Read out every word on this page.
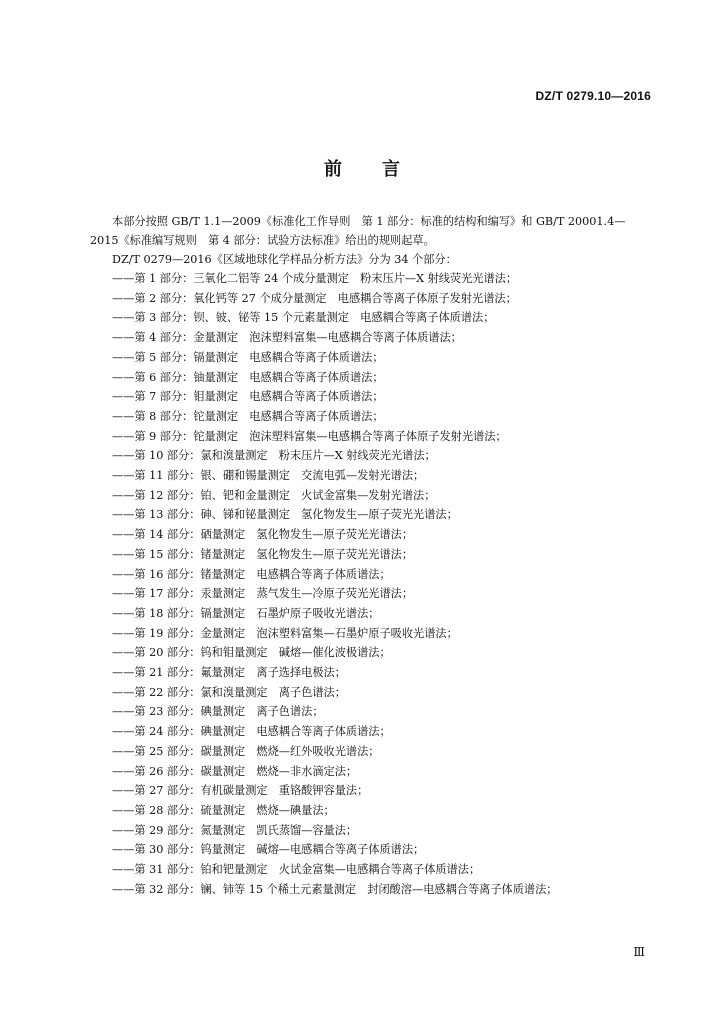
DZ/T 0279.10—2016
前言

本部分按照 GB/T 1.1—2009《标准化工作导则　第 1 部分：标准的结构和编写》和 GB/T 20001.4—

2015《标准编写规则　第 4 部分：试验方法标准》给出的规则起草。

DZ/T 0279—2016《区域地球化学样品分析方法》分为 34 个部分：

——第 1 部分：三氧化二铝等 24 个成分量测定　粉末压片—X 射线荧光光谱法；
——第 2 部分：氧化钙等 27 个成分量测定　电感耦合等离子体原子发射光谱法；
——第 3 部分：钡、铍、铋等 15 个元素量测定　电感耦合等离子体质谱法；
——第 4 部分：金量测定　泡沫塑料富集—电感耦合等离子体质谱法；
——第 5 部分：镉量测定　电感耦合等离子体质谱法；
——第 6 部分：铀量测定　电感耦合等离子体质谱法；
——第 7 部分：钼量测定　电感耦合等离子体质谱法；
——第 8 部分：铊量测定　电感耦合等离子体质谱法；
——第 9 部分：铊量测定　泡沫塑料富集—电感耦合等离子体原子发射光谱法；
——第 10 部分：氯和溴量测定　粉末压片—X 射线荧光光谱法；
——第 11 部分：银、硼和锡量测定　交流电弧—发射光谱法；
——第 12 部分：铂、钯和金量测定　火试金富集—发射光谱法；
——第 13 部分：砷、锑和铋量测定　氢化物发生—原子荧光光谱法；
——第 14 部分：硒量测定　氢化物发生—原子荧光光谱法；
——第 15 部分：锗量测定　氢化物发生—原子荧光光谱法；
——第 16 部分：锗量测定　电感耦合等离子体质谱法；
——第 17 部分：汞量测定　蒸气发生—冷原子荧光光谱法；
——第 18 部分：镉量测定　石墨炉原子吸收光谱法；
——第 19 部分：金量测定　泡沫塑料富集—石墨炉原子吸收光谱法；
——第 20 部分：钨和钼量测定　碱熔—催化波极谱法；
——第 21 部分：氟量测定　离子选择电极法；
——第 22 部分：氯和溴量测定　离子色谱法；
——第 23 部分：碘量测定　离子色谱法；
——第 24 部分：碘量测定　电感耦合等离子体质谱法；
——第 25 部分：碳量测定　燃烧—红外吸收光谱法；
——第 26 部分：碳量测定　燃烧—非水滴定法；
——第 27 部分：有机碳量测定　重铬酸钾容量法；
——第 28 部分：硫量测定　燃烧—碘量法；
——第 29 部分：氮量测定　凯氏蒸馏—容量法；
——第 30 部分：钨量测定　碱熔—电感耦合等离子体质谱法；
——第 31 部分：铂和钯量测定　火试金富集—电感耦合等离子体质谱法；
——第 32 部分：镧、铈等 15 个稀土元素量测定　封闭酸溶—电感耦合等离子体质谱法；
Ⅲ
